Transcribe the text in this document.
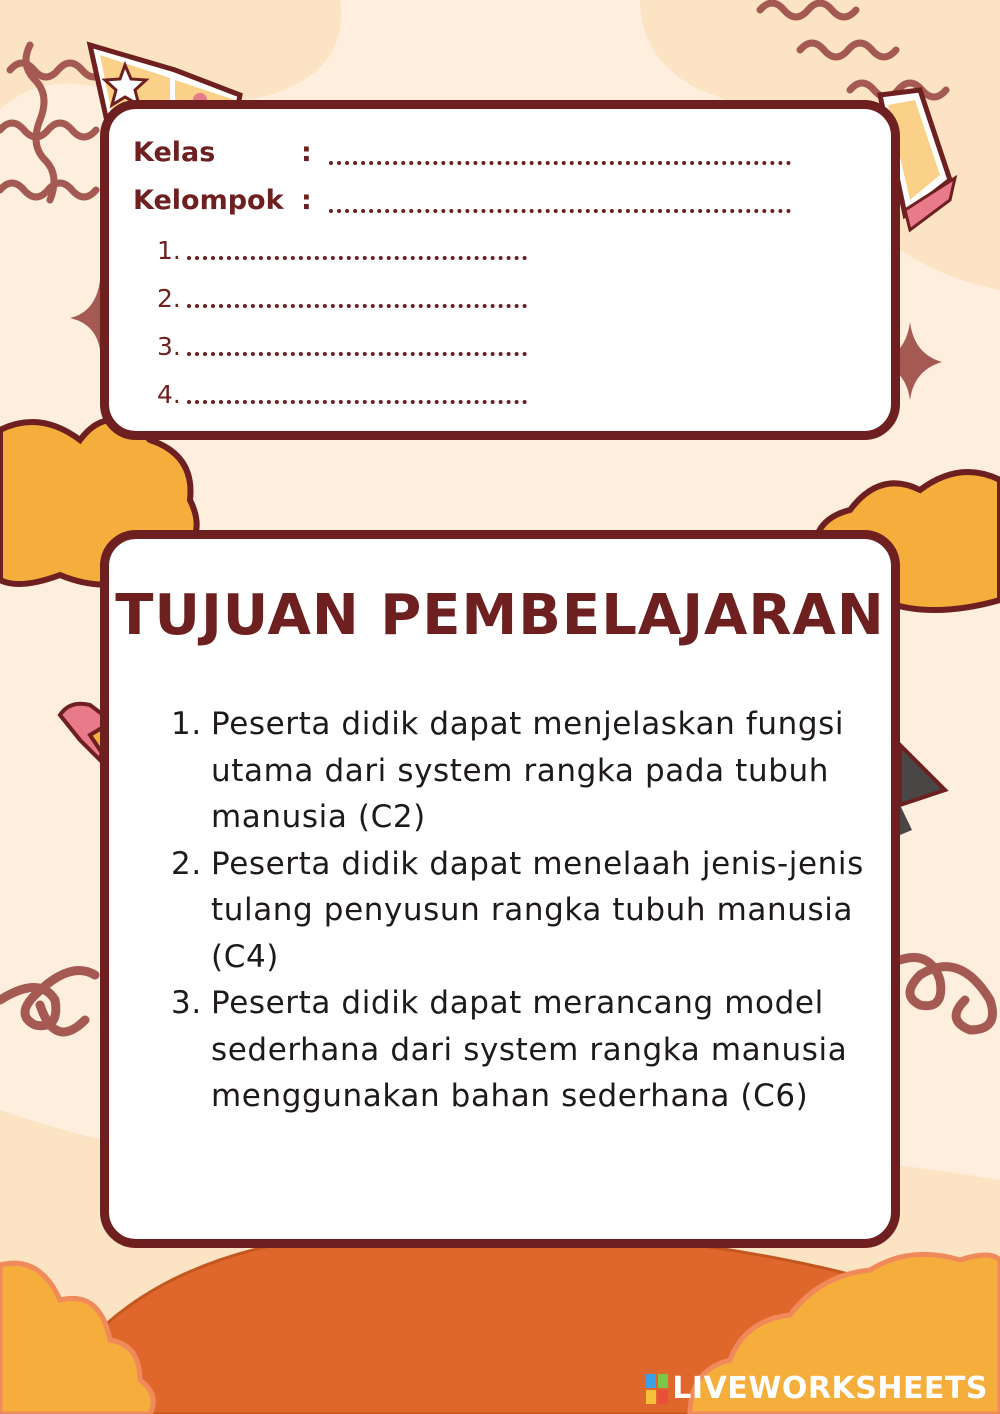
Kelas	:
Kelompok :
1.
2.
3.
4.
TUJUAN PEMBELAJARAN
1. Peserta didik dapat menjelaskan fungsi utama dari system rangka pada tubuh manusia (C2)
2. Peserta didik dapat menelaah jenis-jenis tulang penyusun rangka tubuh manusia (C4)
3. Peserta didik dapat merancang model sederhana dari system rangka manusia menggunakan bahan sederhana (C6)
LIVEWORKSHEETS
